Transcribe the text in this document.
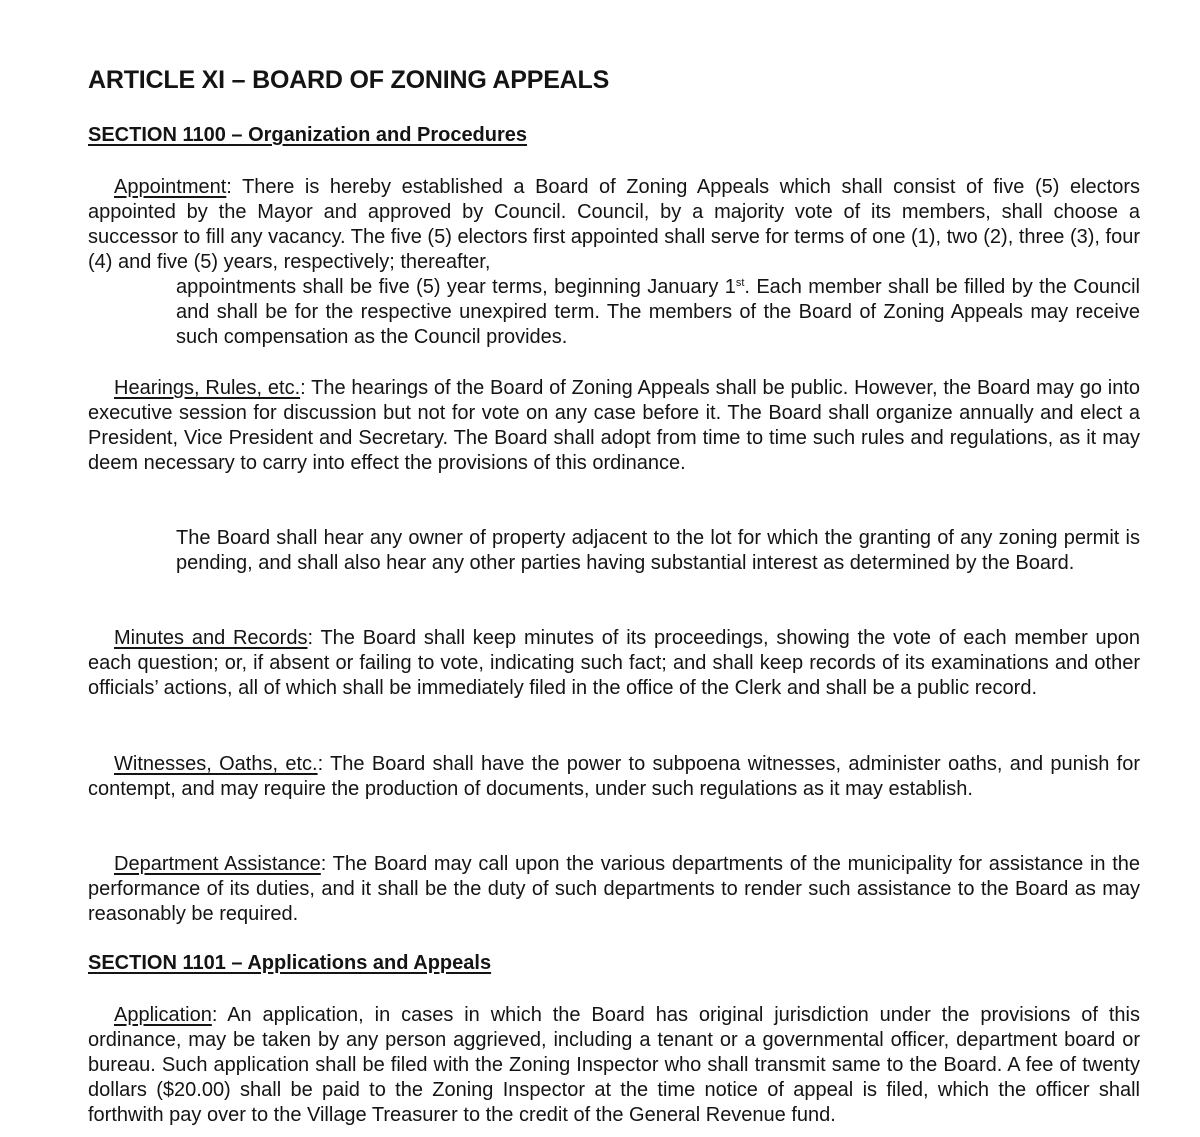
ARTICLE XI – BOARD OF ZONING APPEALS
SECTION 1100 – Organization and Procedures
Appointment: There is hereby established a Board of Zoning Appeals which shall consist of five (5) electors appointed by the Mayor and approved by Council. Council, by a majority vote of its members, shall choose a successor to fill any vacancy. The five (5) electors first appointed shall serve for terms of one (1), two (2), three (3), four (4) and five (5) years, respectively; thereafter,
appointments shall be five (5) year terms, beginning January 1st. Each member shall be filled by the Council and shall be for the respective unexpired term. The members of the Board of Zoning Appeals may receive such compensation as the Council provides.
Hearings, Rules, etc.: The hearings of the Board of Zoning Appeals shall be public. However, the Board may go into executive session for discussion but not for vote on any case before it. The Board shall organize annually and elect a President, Vice President and Secretary. The Board shall adopt from time to time such rules and regulations, as it may deem necessary to carry into effect the provisions of this ordinance.
The Board shall hear any owner of property adjacent to the lot for which the granting of any zoning permit is pending, and shall also hear any other parties having substantial interest as determined by the Board.
Minutes and Records: The Board shall keep minutes of its proceedings, showing the vote of each member upon each question; or, if absent or failing to vote, indicating such fact; and shall keep records of its examinations and other officials’ actions, all of which shall be immediately filed in the office of the Clerk and shall be a public record.
Witnesses, Oaths, etc.: The Board shall have the power to subpoena witnesses, administer oaths, and punish for contempt, and may require the production of documents, under such regulations as it may establish.
Department Assistance: The Board may call upon the various departments of the municipality for assistance in the performance of its duties, and it shall be the duty of such departments to render such assistance to the Board as may reasonably be required.
SECTION 1101 – Applications and Appeals
Application: An application, in cases in which the Board has original jurisdiction under the provisions of this ordinance, may be taken by any person aggrieved, including a tenant or a governmental officer, department board or bureau. Such application shall be filed with the Zoning Inspector who shall transmit same to the Board. A fee of twenty dollars ($20.00) shall be paid to the Zoning Inspector at the time notice of appeal is filed, which the officer shall forthwith pay over to the Village Treasurer to the credit of the General Revenue fund.
